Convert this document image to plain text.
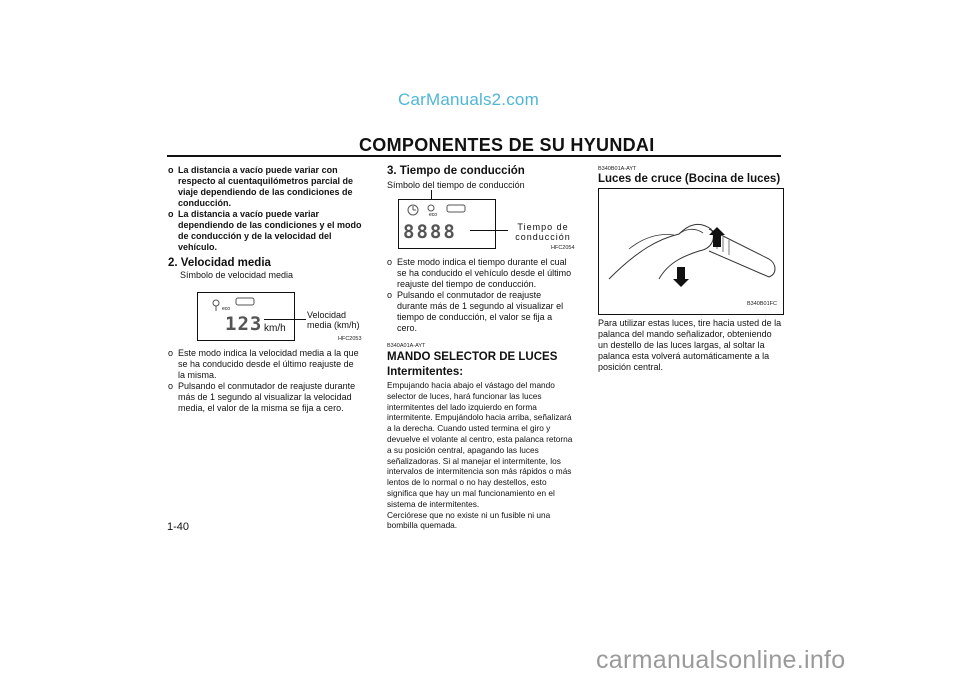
CarManuals2.com
COMPONENTES DE SU HYUNDAI
o La distancia a vacío puede variar con respecto al cuentaquilómetros parcial de viaje dependiendo de las condiciones de conducción.
o La distancia a vacío puede variar dependiendo de las condiciones y el modo de conducción y de la velocidad del vehículo.
2. Velocidad media
Símbolo de velocidad media
eco
123 km/h
Velocidad media (km/h)
HFC2053
o Este modo indica la velocidad media a la que se ha conducido desde el último reajuste de la misma.
o Pulsando el conmutador de reajuste durante más de 1 segundo al visualizar la velocidad media, el valor de la misma se fija a cero.
1-40
3. Tiempo de conducción
Símbolo del tiempo de conducción
eco
8888	Tiempo de conducción
HFC2054
o Este modo indica el tiempo durante el cual se ha conducido el vehículo desde el último reajuste del tiempo de conducción.
o Pulsando el conmutador de reajuste durante más de 1 segundo al visualizar el tiempo de conducción, el valor se fija a cero.
B340A01A-AYT
MANDO SELECTOR DE LUCES
Intermitentes:

Empujando hacia abajo el vástago del mando selector de luces, hará funcionar las luces intermitentes del lado izquierdo en forma intermitente. Empujándolo hacia arriba, señalizará a la derecha. Cuando usted termina el giro y devuelve el volante al centro, esta palanca retorna a su posición central, apagando las luces señalizadoras. Si al manejar el intermitente, los intervalos de intermitencia son más rápidos o más lentos de lo normal o no hay destellos, esto significa que hay un mal funcionamiento en el sistema de intermitentes.

Cerciórese que no existe ni un fusible ni una bombilla quemada.

B340B01A-AYT
Luces de cruce (Bocina de luces)
B340B01FC
Para utilizar estas luces, tire hacia usted de la palanca del mando señalizador, obteniendo un destello de las luces largas, al soltar la palanca esta volverá automáticamente a la posición central.
carmanualsonline.info
